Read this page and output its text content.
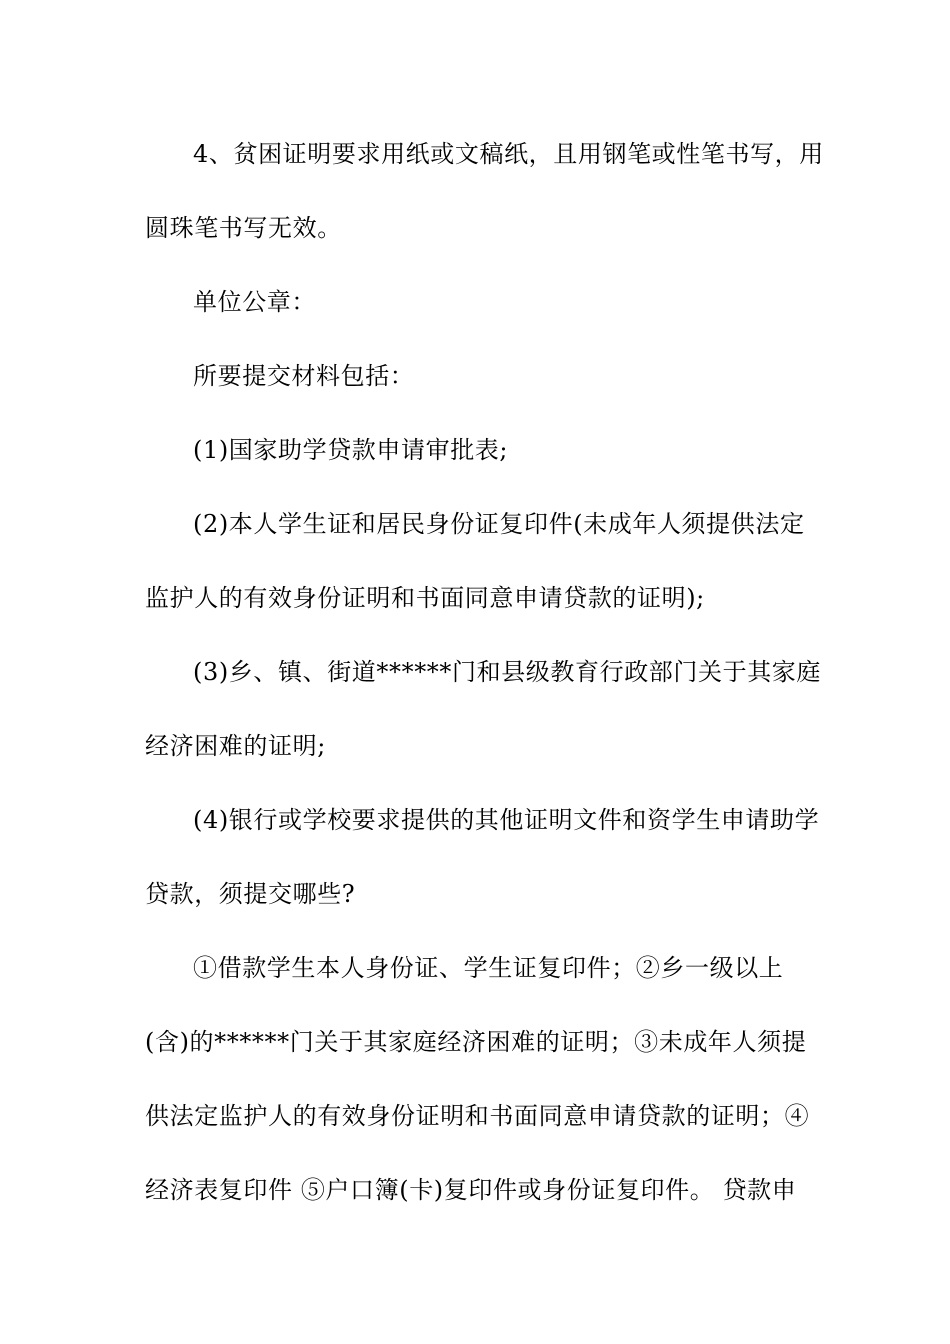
4、贫困证明要求用纸或文稿纸，且用钢笔或性笔书写，用
圆珠笔书写无效。
单位公章：
所要提交材料包括：
(1)国家助学贷款申请审批表;
(2)本人学生证和居民身份证复印件(未成年人须提供法定
监护人的有效身份证明和书面同意申请贷款的证明);
(3)乡、镇、街道******门和县级教育行政部门关于其家庭
经济困难的证明;
(4)银行或学校要求提供的其他证明文件和资学生申请助学
贷款，须提交哪些?
①借款学生本人身份证、学生证复印件；②乡一级以上
(含)的******门关于其家庭经济困难的证明；③未成年人须提
供法定监护人的有效身份证明和书面同意申请贷款的证明；④
经济表复印件 ⑤户口簿(卡)复印件或身份证复印件。 贷款申
